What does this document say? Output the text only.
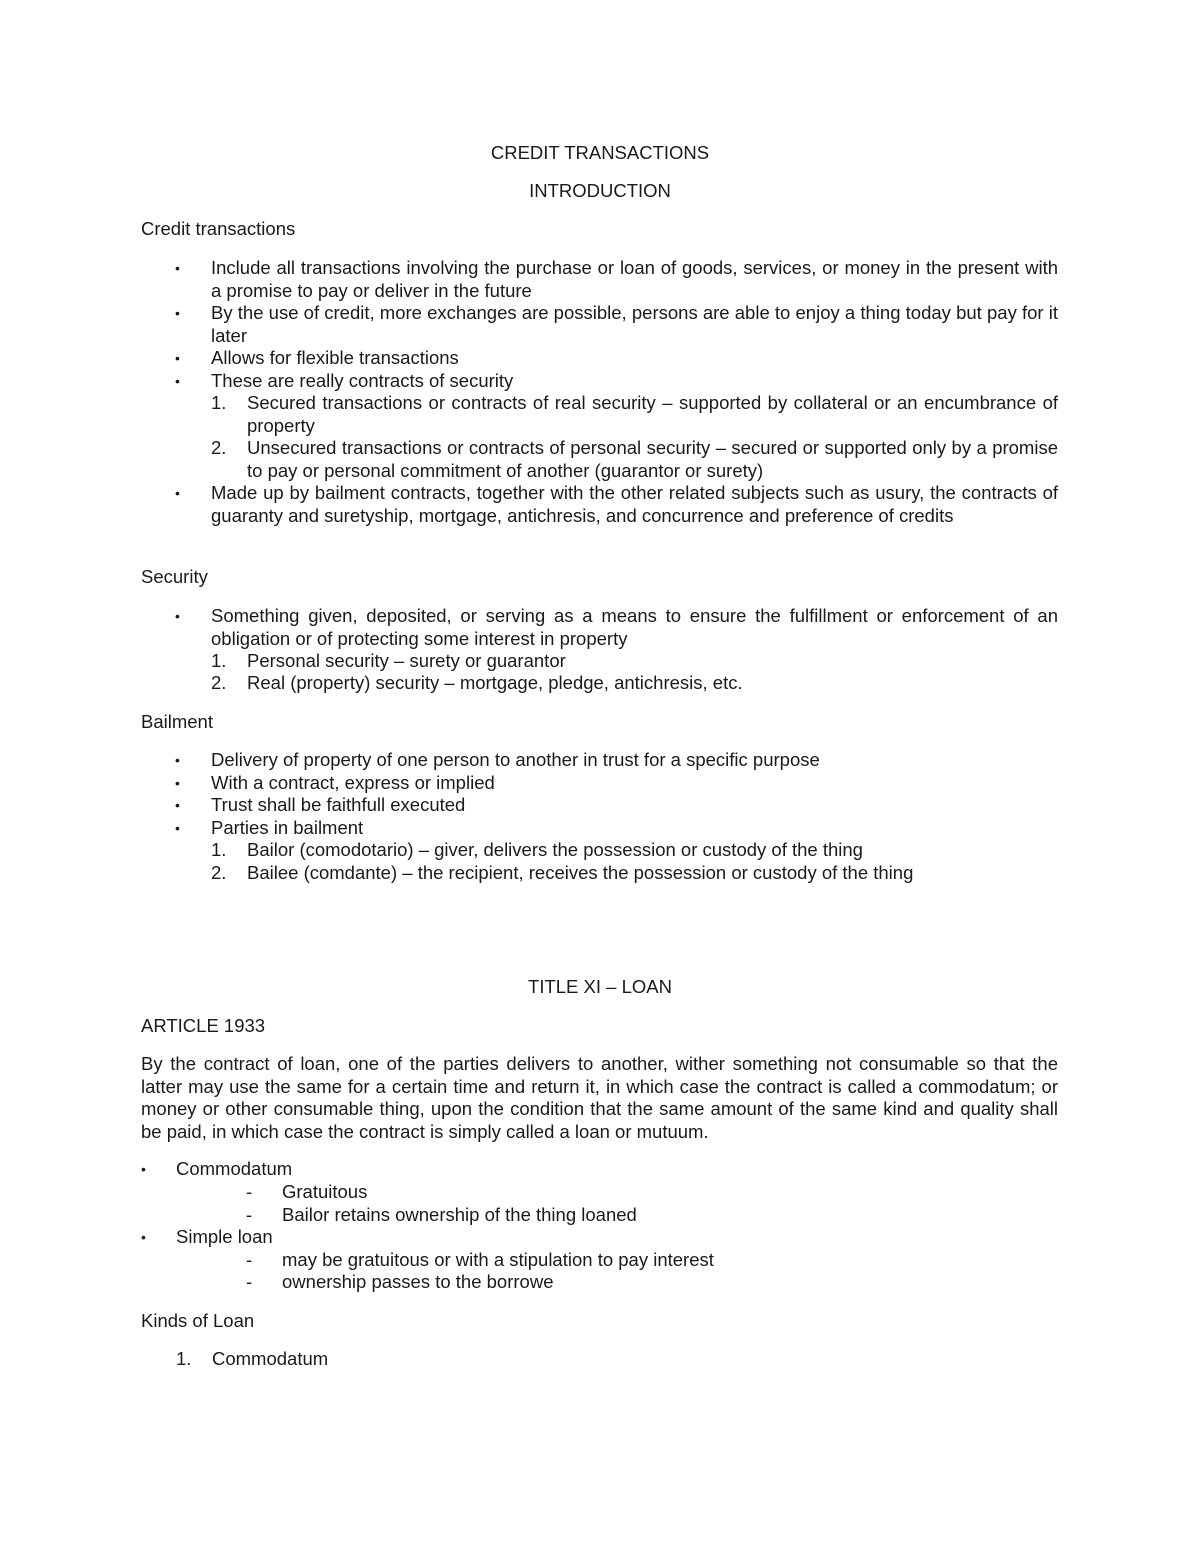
CREDIT TRANSACTIONS
INTRODUCTION
Credit transactions
•	Include all transactions involving the purchase or loan of goods, services, or money in the present with a promise to pay or deliver in the future
•	By the use of credit, more exchanges are possible, persons are able to enjoy a thing today but pay for it later
•	Allows for flexible transactions
•	These are really contracts of security
1. Secured transactions or contracts of real security – supported by collateral or an encumbrance of property
2. Unsecured transactions or contracts of personal security – secured or supported only by a promise to pay or personal commitment of another (guarantor or surety)
•	Made up by bailment contracts, together with the other related subjects such as usury, the contracts of guaranty and suretyship, mortgage, antichresis, and concurrence and preference of credits
Security
•	Something given, deposited, or serving as a means to ensure the fulfillment or enforcement of an obligation or of protecting some interest in property
1. Personal security – surety or guarantor
2. Real (property) security – mortgage, pledge, antichresis, etc.
Bailment
•	Delivery of property of one person to another in trust for a specific purpose
•	With a contract, express or implied
•	Trust shall be faithfull executed
•	Parties in bailment
1. Bailor (comodotario) – giver, delivers the possession or custody of the thing
2. Bailee (comdante) – the recipient, receives the possession or custody of the thing
TITLE XI – LOAN
ARTICLE 1933
By the contract of loan, one of the parties delivers to another, wither something not consumable so that the latter may use the same for a certain time and return it, in which case the contract is called a commodatum; or money or other consumable thing, upon the condition that the same amount of the same kind and quality shall be paid, in which case the contract is simply called a loan or mutuum.
•	Commodatum
- Gratuitous
- Bailor retains ownership of the thing loaned
•	Simple loan
- may be gratuitous or with a stipulation to pay interest
- ownership passes to the borrowe
Kinds of Loan
1. Commodatum
